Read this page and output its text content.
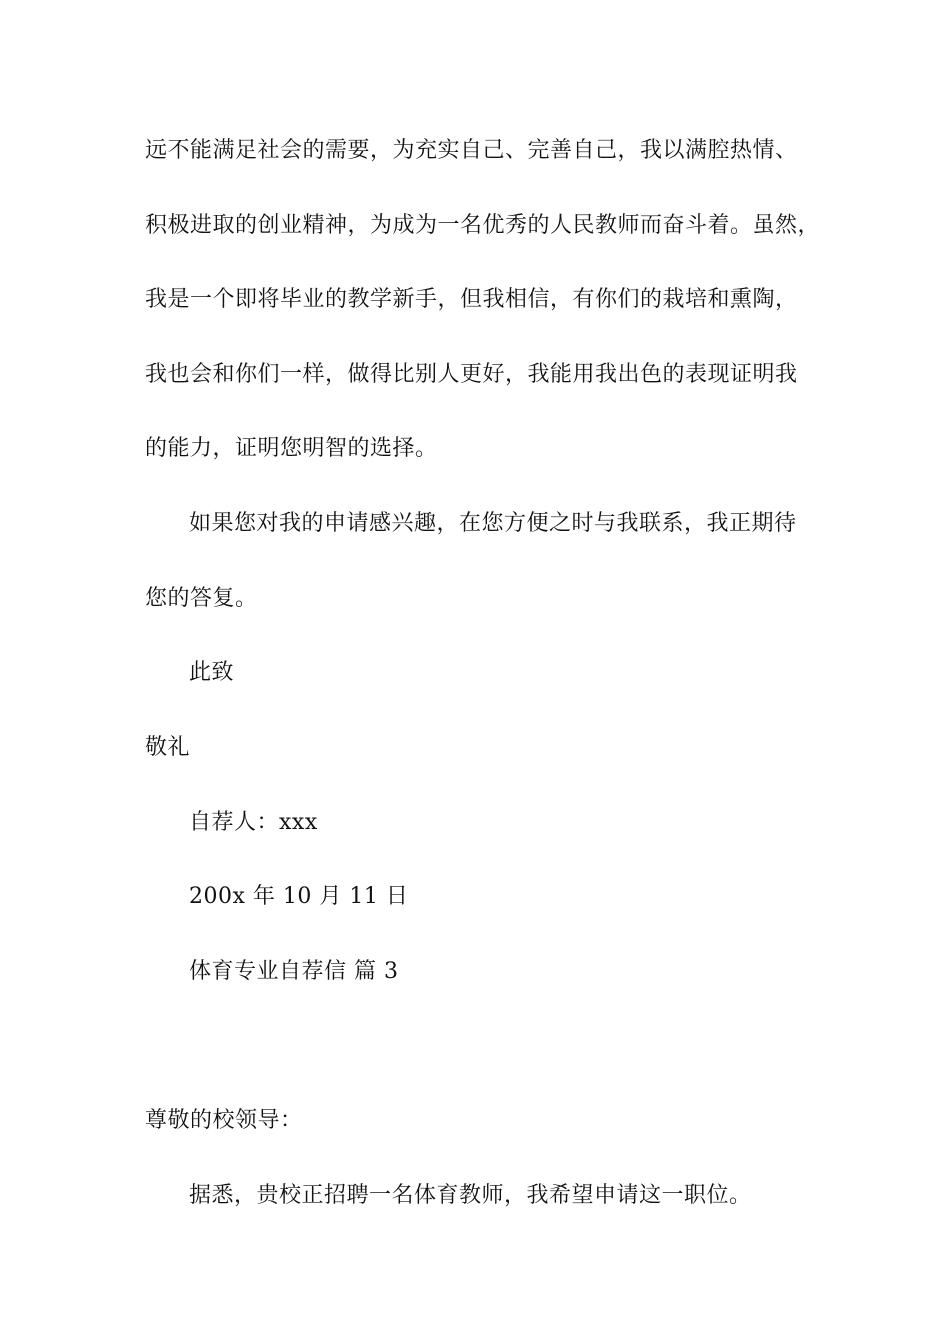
远不能满足社会的需要，为充实自己、完善自己，我以满腔热情、
积极进取的创业精神，为成为一名优秀的人民教师而奋斗着。虽然，
我是一个即将毕业的教学新手，但我相信，有你们的栽培和熏陶，
我也会和你们一样，做得比别人更好，我能用我出色的表现证明我
的能力，证明您明智的选择。
如果您对我的申请感兴趣，在您方便之时与我联系，我正期待
您的答复。
此致
敬礼
自荐人：xxx
200x 年 10 月 11 日
体育专业自荐信 篇 3
尊敬的校领导：
据悉，贵校正招聘一名体育教师，我希望申请这一职位。
